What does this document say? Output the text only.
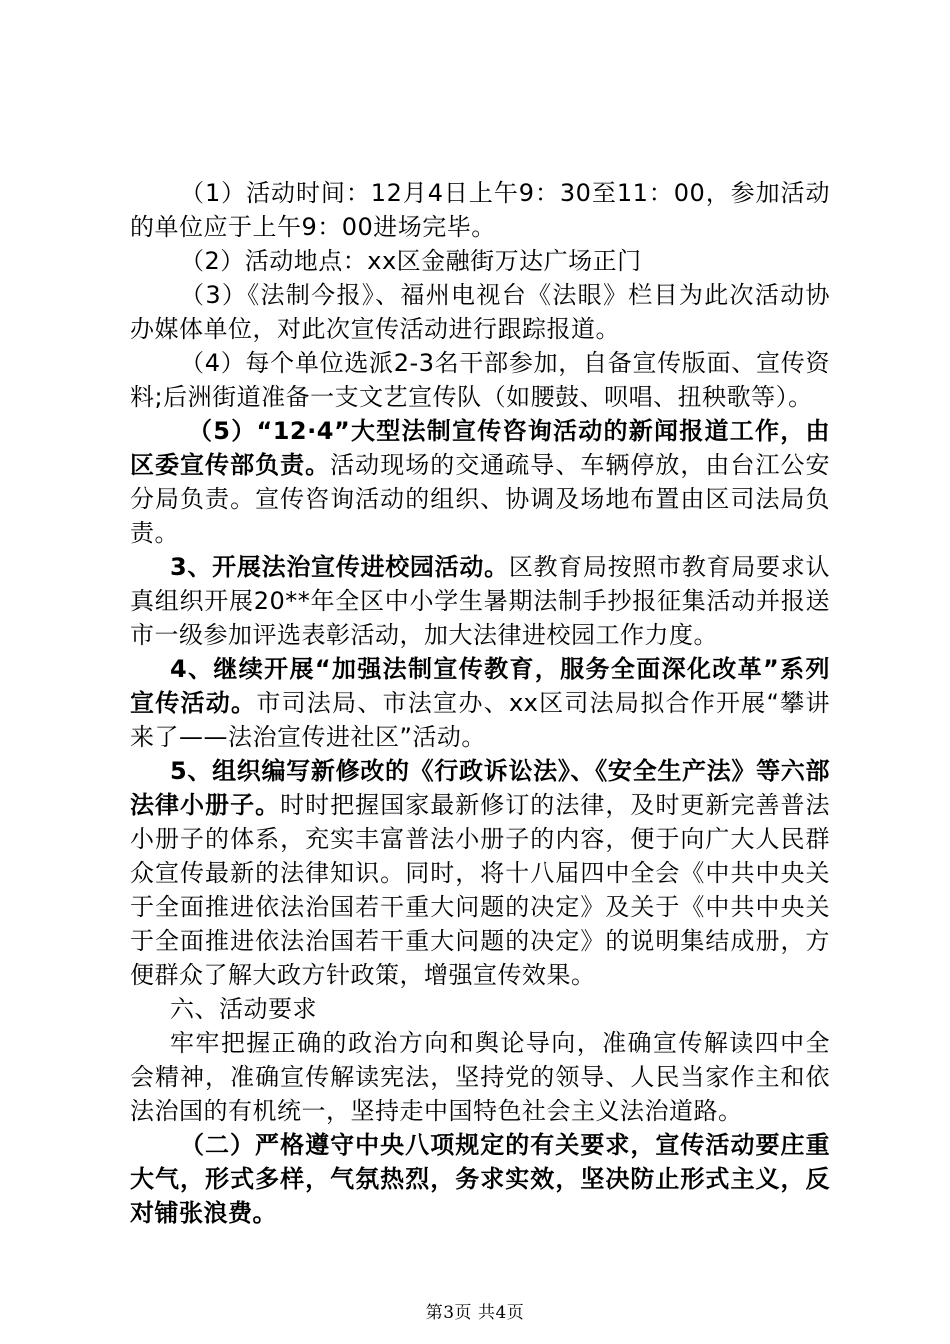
（1）活动时间：12月4日上午9：30至11：00，参加活动的单位应于上午9：00进场完毕。

（2）活动地点：xx区金融街万达广场正门

（3）《法制今报》、福州电视台《法眼》栏目为此次活动协办媒体单位，对此次宣传活动进行跟踪报道。

（4）每个单位选派2-3名干部参加，自备宣传版面、宣传资料;后洲街道准备一支文艺宣传队（如腰鼓、呗唱、扭秧歌等）。

（5）“12·4”大型法制宣传咨询活动的新闻报道工作，由区委宣传部负责。活动现场的交通疏导、车辆停放，由台江公安分局负责。宣传咨询活动的组织、协调及场地布置由区司法局负责。

3、开展法治宣传进校园活动。区教育局按照市教育局要求认真组织开展20**年全区中小学生暑期法制手抄报征集活动并报送市一级参加评选表彰活动，加大法律进校园工作力度。

4、继续开展“加强法制宣传教育，服务全面深化改革”系列宣传活动。市司法局、市法宣办、xx区司法局拟合作开展“攀讲来了——法治宣传进社区”活动。

5、组织编写新修改的《行政诉讼法》、《安全生产法》等六部法律小册子。时时把握国家最新修订的法律，及时更新完善普法小册子的体系，充实丰富普法小册子的内容，便于向广大人民群众宣传最新的法律知识。同时，将十八届四中全会《中共中央关于全面推进依法治国若干重大问题的决定》及关于《中共中央关于全面推进依法治国若干重大问题的决定》的说明集结成册，方便群众了解大政方针政策，增强宣传效果。

六、活动要求

牢牢把握正确的政治方向和舆论导向，准确宣传解读四中全会精神，准确宣传解读宪法，坚持党的领导、人民当家作主和依法治国的有机统一，坚持走中国特色社会主义法治道路。

（二）严格遵守中央八项规定的有关要求，宣传活动要庄重大气，形式多样，气氛热烈，务求实效，坚决防止形式主义，反对铺张浪费。

第3页 共4页
